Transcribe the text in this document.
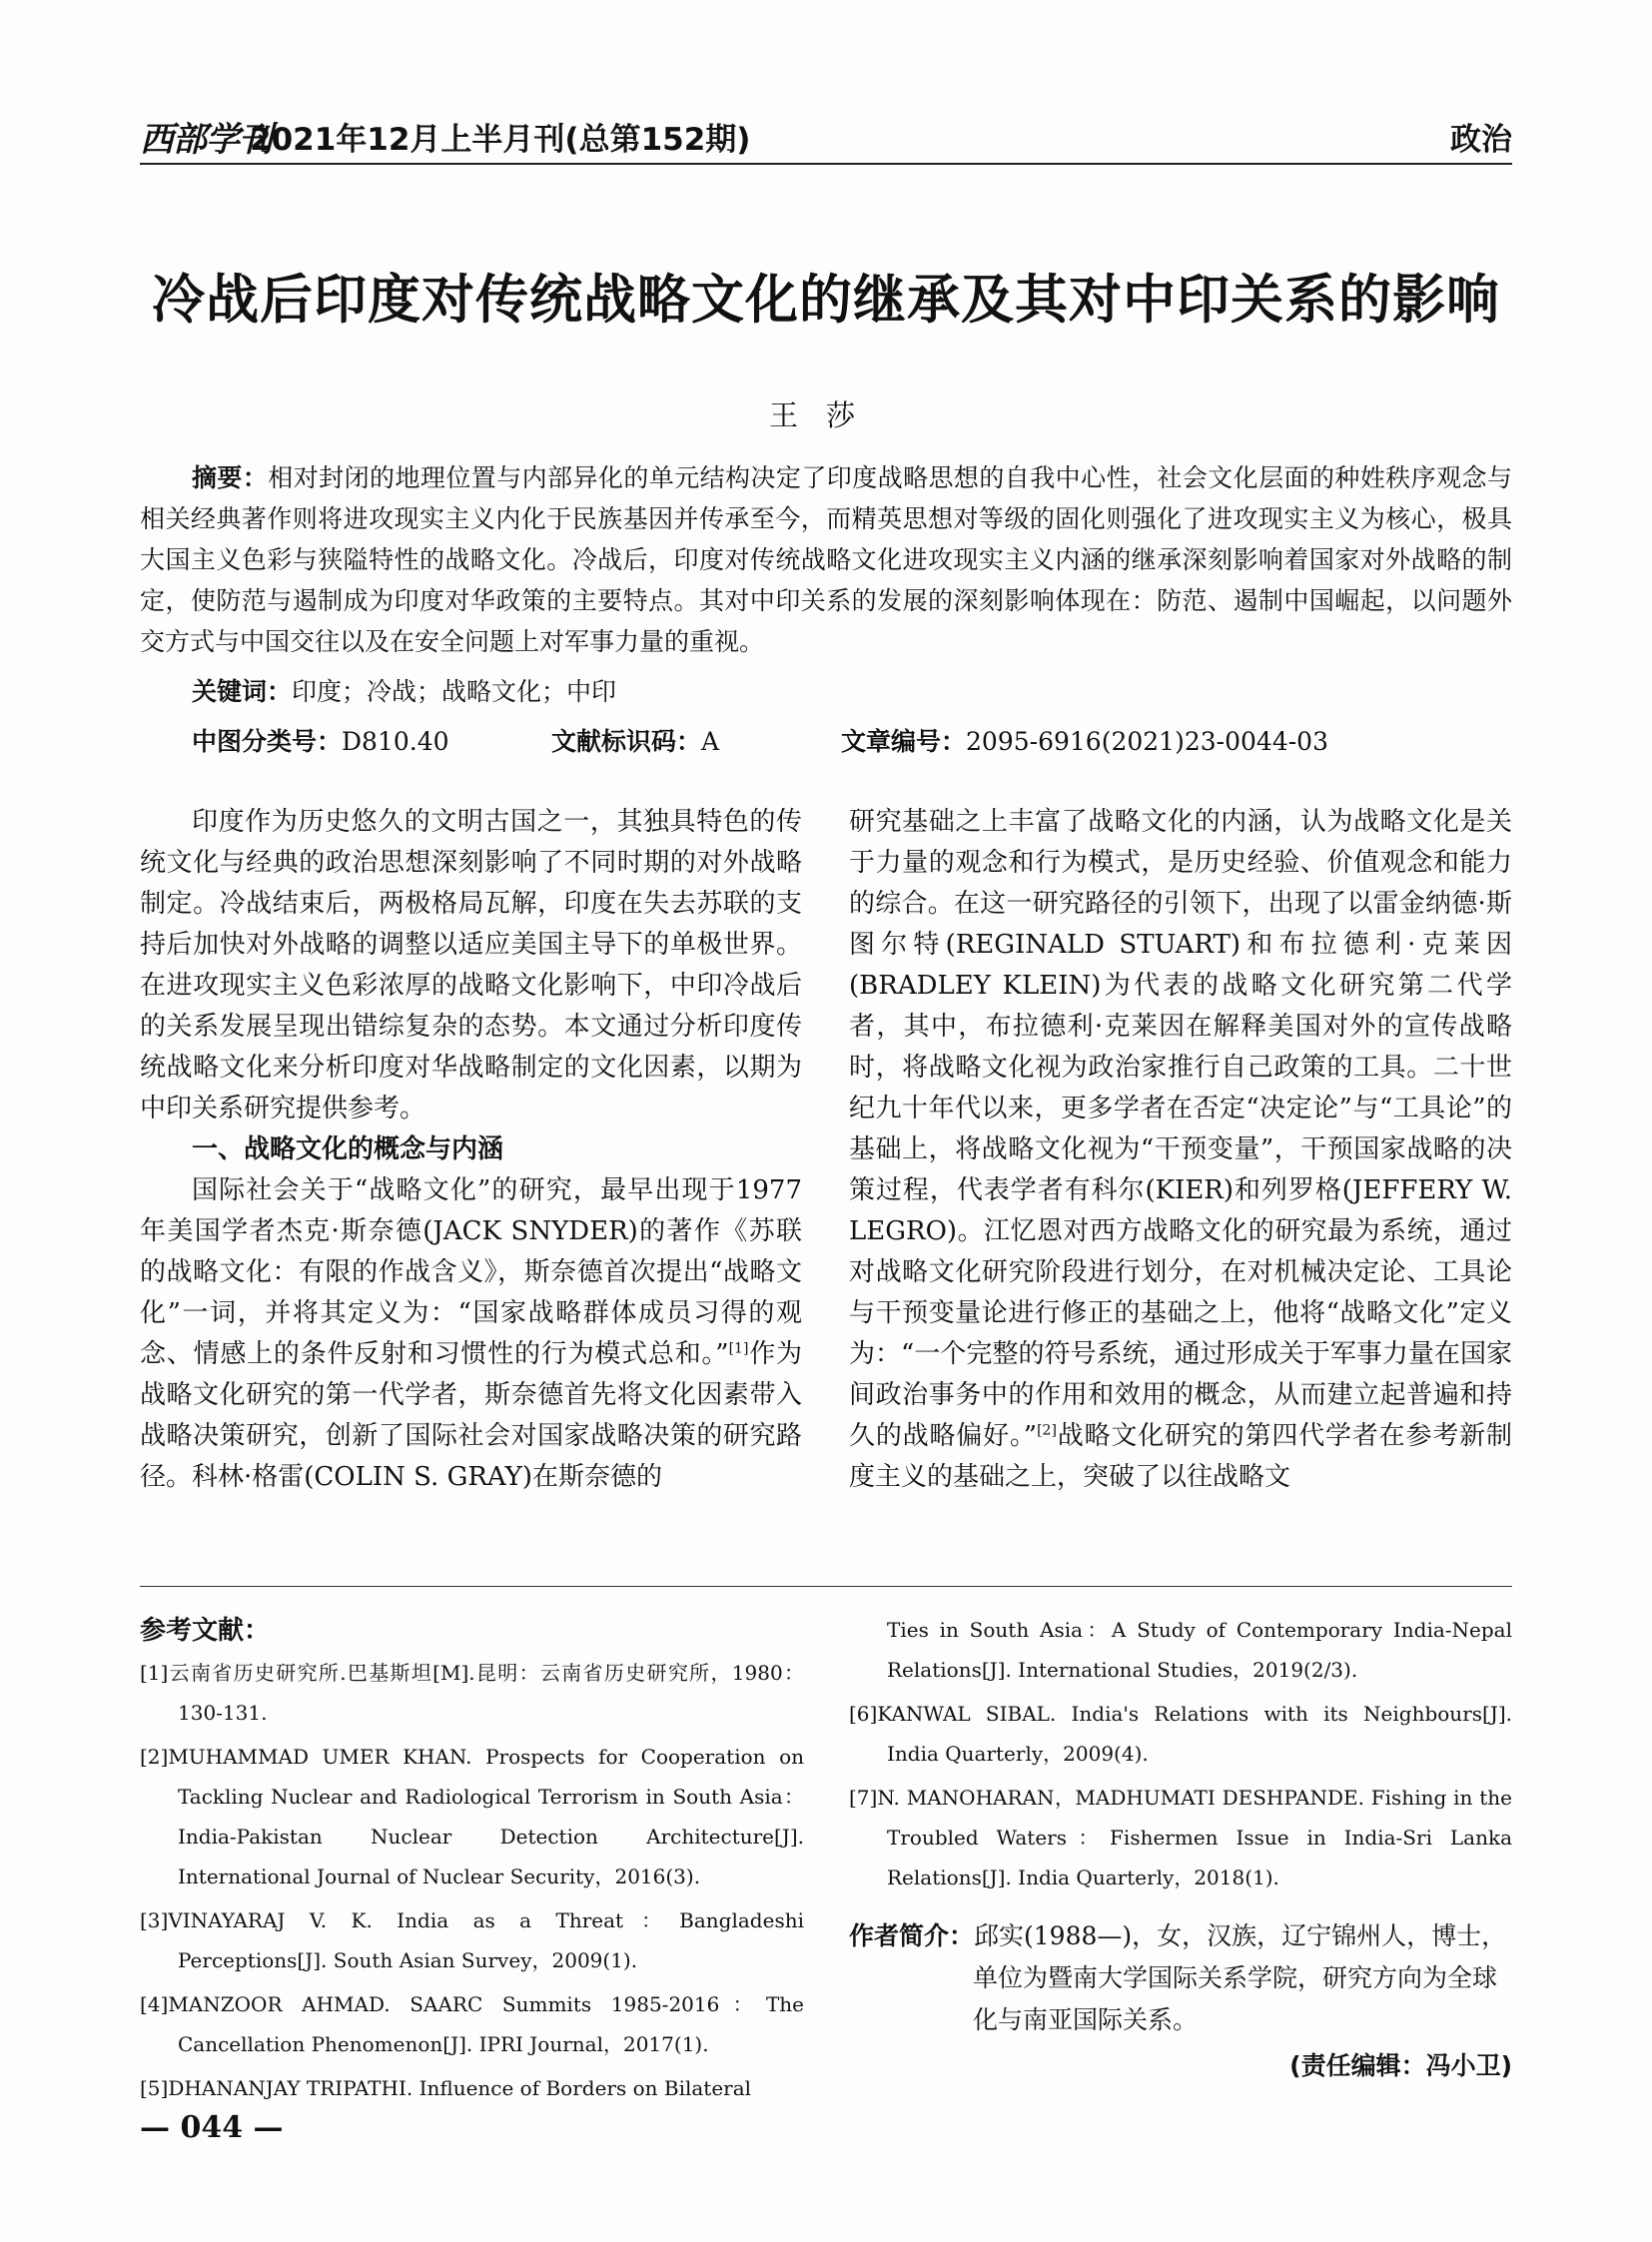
西部学刊
2021年12月上半月刊(总第152期)	政治
冷战后印度对传统战略文化的继承及其对中印关系的影响
王莎
摘要：相对封闭的地理位置与内部异化的单元结构决定了印度战略思想的自我中心性，社会文化层面的种姓秩序观念与相关经典著作则将进攻现实主义内化于民族基因并传承至今，而精英思想对等级的固化则强化了进攻现实主义为核心，极具大国主义色彩与狭隘特性的战略文化。冷战后，印度对传统战略文化进攻现实主义内涵的继承深刻影响着国家对外战略的制定，使防范与遏制成为印度对华政策的主要特点。其对中印关系的发展的深刻影响体现在：防范、遏制中国崛起，以问题外交方式与中国交往以及在安全问题上对军事力量的重视。
关键词：印度；冷战；战略文化；中印
中图分类号：D810.40	文献标识码：A	文章编号：2095-6916(2021)23-0044-03

印度作为历史悠久的文明古国之一，其独具特色的传统文化与经典的政治思想深刻影响了不同时期的对外战略制定。冷战结束后，两极格局瓦解，印度在失去苏联的支持后加快对外战略的调整以适应美国主导下的单极世界。在进攻现实主义色彩浓厚的战略文化影响下，中印冷战后的关系发展呈现出错综复杂的态势。本文通过分析印度传统战略文化来分析印度对华战略制定的文化因素，以期为中印关系研究提供参考。

一、战略文化的概念与内涵

国际社会关于“战略文化”的研究，最早出现于1977年美国学者杰克·斯奈德(JACK SNYDER)的著作《苏联的战略文化：有限的作战含义》，斯奈德首次提出“战略文化”一词，并将其定义为：“国家战略群体成员习得的观念、情感上的条件反射和习惯性的行为模式总和。”[1]作为战略文化研究的第一代学者，斯奈德首先将文化因素带入战略决策研究，创新了国际社会对国家战略决策的研究路径。科林·格雷(COLIN S. GRAY)在斯奈德的

研究基础之上丰富了战略文化的内涵，认为战略文化是关于力量的观念和行为模式，是历史经验、价值观念和能力的综合。在这一研究路径的引领下，出现了以雷金纳德·斯图尔特(REGINALD STUART)和布拉德利·克莱因(BRADLEY KLEIN)为代表的战略文化研究第二代学者，其中，布拉德利·克莱因在解释美国对外的宣传战略时，将战略文化视为政治家推行自己政策的工具。二十世纪九十年代以来，更多学者在否定“决定论”与“工具论”的基础上，将战略文化视为“干预变量”，干预国家战略的决策过程，代表学者有科尔(KIER)和列罗格(JEFFERY W. LEGRO)。江忆恩对西方战略文化的研究最为系统，通过对战略文化研究阶段进行划分，在对机械决定论、工具论与干预变量论进行修正的基础之上，他将“战略文化”定义为：“一个完整的符号系统，通过形成关于军事力量在国家间政治事务中的作用和效用的概念，从而建立起普遍和持久的战略偏好。”[2]战略文化研究的第四代学者在参考新制度主义的基础之上，突破了以往战略文

参考文献：

[1]云南省历史研究所.巴基斯坦[M].昆明：云南省历史研究所，1980：130-131.

[2]MUHAMMAD UMER KHAN. Prospects for Cooperation on Tackling Nuclear and Radiological Terrorism in South Asia：India-Pakistan Nuclear Detection Architecture[J]. International Journal of Nuclear Security，2016(3).

[3]VINAYARAJ V. K. India as a Threat：Bangladeshi Perceptions[J]. South Asian Survey，2009(1).

[4]MANZOOR AHMAD. SAARC Summits 1985-2016：The Cancellation Phenomenon[J]. IPRI Journal，2017(1).

[5]DHANANJAY TRIPATHI. Influence of Borders on Bilateral

Ties in South Asia：A Study of Contemporary India-Nepal Relations[J]. International Studies，2019(2/3).

[6]KANWAL SIBAL. India's Relations with its Neighbours[J]. India Quarterly，2009(4).

[7]N. MANOHARAN，MADHUMATI DESHPANDE. Fishing in the Troubled Waters：Fishermen Issue in India-Sri Lanka Relations[J]. India Quarterly，2018(1).

作者简介：邱实(1988—)，女，汉族，辽宁锦州人，博士，单位为暨南大学国际关系学院，研究方向为全球化与南亚国际关系。
(责任编辑：冯小卫)
— 044 —
